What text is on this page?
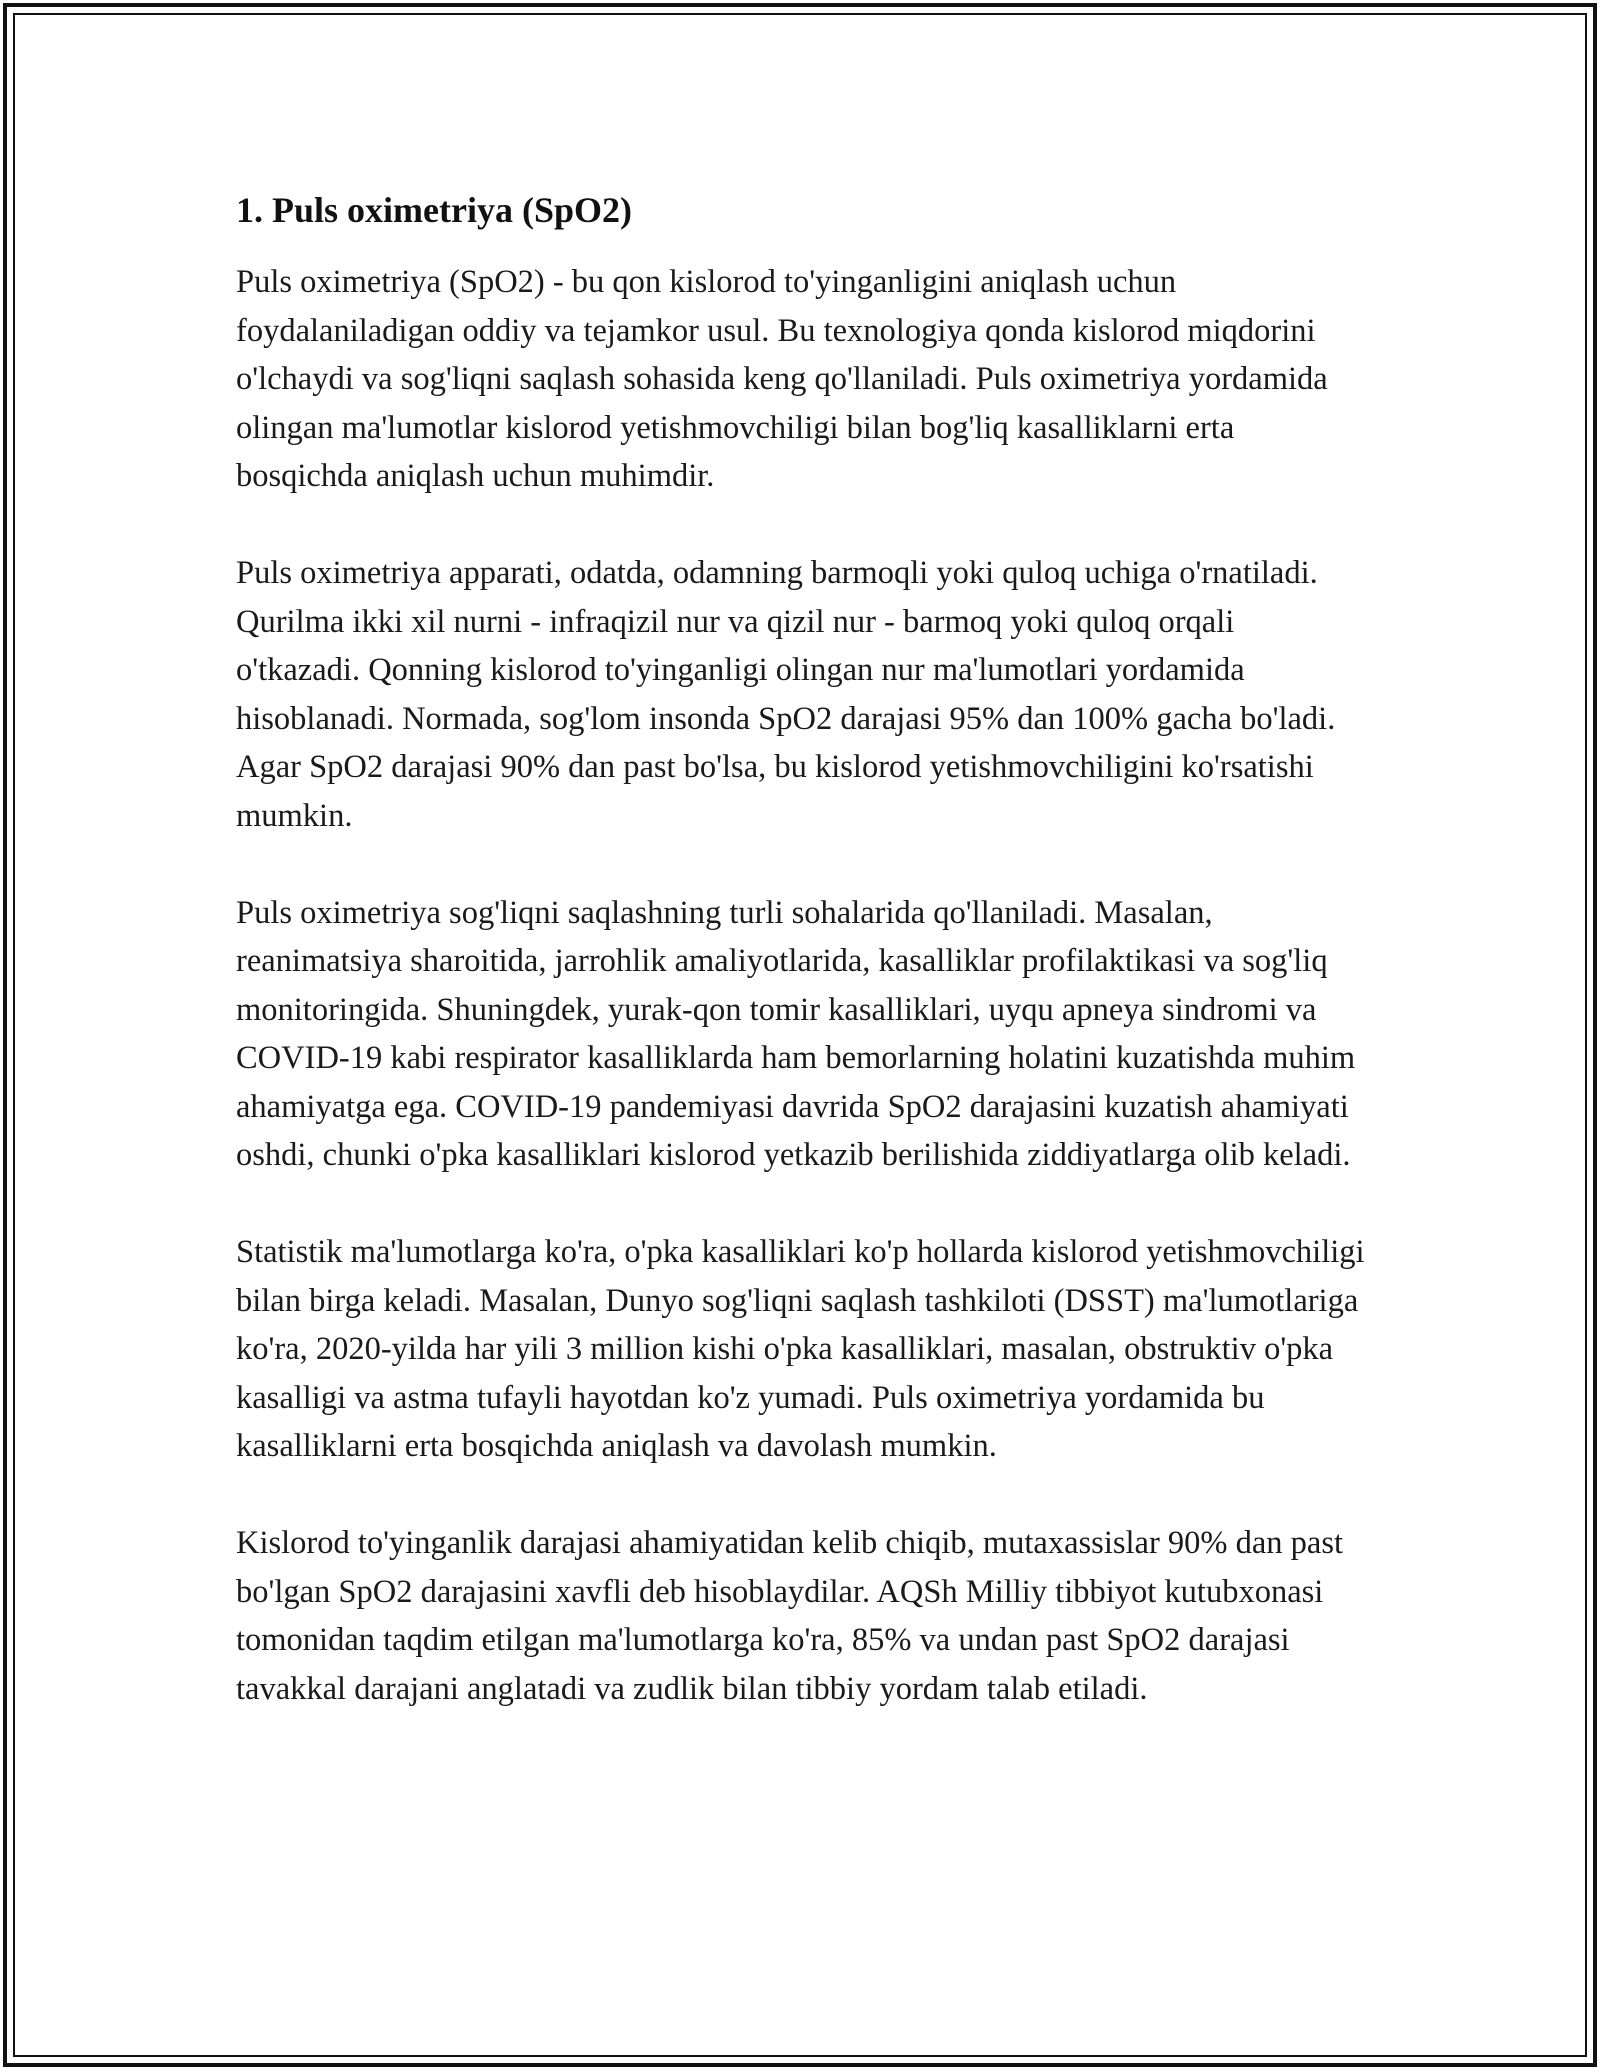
1. Puls oximetriya (SpO2)

Puls oximetriya (SpO2) - bu qon kislorod to'yinganligini aniqlash uchun foydalaniladigan oddiy va tejamkor usul. Bu texnologiya qonda kislorod miqdorini o'lchaydi va sog'liqni saqlash sohasida keng qo'llaniladi. Puls oximetriya yordamida olingan ma'lumotlar kislorod yetishmovchiligi bilan bog'liq kasalliklarni erta bosqichda aniqlash uchun muhimdir.

Puls oximetriya apparati, odatda, odamning barmoqli yoki quloq uchiga o'rnatiladi. Qurilma ikki xil nurni - infraqizil nur va qizil nur - barmoq yoki quloq orqali o'tkazadi. Qonning kislorod to'yinganligi olingan nur ma'lumotlari yordamida hisoblanadi. Normada, sog'lom insonda SpO2 darajasi 95% dan 100% gacha bo'ladi. Agar SpO2 darajasi 90% dan past bo'lsa, bu kislorod yetishmovchiligini ko'rsatishi mumkin.

Puls oximetriya sog'liqni saqlashning turli sohalarida qo'llaniladi. Masalan, reanimatsiya sharoitida, jarrohlik amaliyotlarida, kasalliklar profilaktikasi va sog'liq monitoringida. Shuningdek, yurak-qon tomir kasalliklari, uyqu apneya sindromi va COVID-19 kabi respirator kasalliklarda ham bemorlarning holatini kuzatishda muhim ahamiyatga ega. COVID-19 pandemiyasi davrida SpO2 darajasini kuzatish ahamiyati oshdi, chunki o'pka kasalliklari kislorod yetkazib berilishida ziddiyatlarga olib keladi.

Statistik ma'lumotlarga ko'ra, o'pka kasalliklari ko'p hollarda kislorod yetishmovchiligi bilan birga keladi. Masalan, Dunyo sog'liqni saqlash tashkiloti (DSST) ma'lumotlariga ko'ra, 2020-yilda har yili 3 million kishi o'pka kasalliklari, masalan, obstruktiv o'pka kasalligi va astma tufayli hayotdan ko'z yumadi. Puls oximetriya yordamida bu kasalliklarni erta bosqichda aniqlash va davolash mumkin.

Kislorod to'yinganlik darajasi ahamiyatidan kelib chiqib, mutaxassislar 90% dan past bo'lgan SpO2 darajasini xavfli deb hisoblaydilar. AQSh Milliy tibbiyot kutubxonasi tomonidan taqdim etilgan ma'lumotlarga ko'ra, 85% va undan past SpO2 darajasi tavakkal darajani anglatadi va zudlik bilan tibbiy yordam talab etiladi.
